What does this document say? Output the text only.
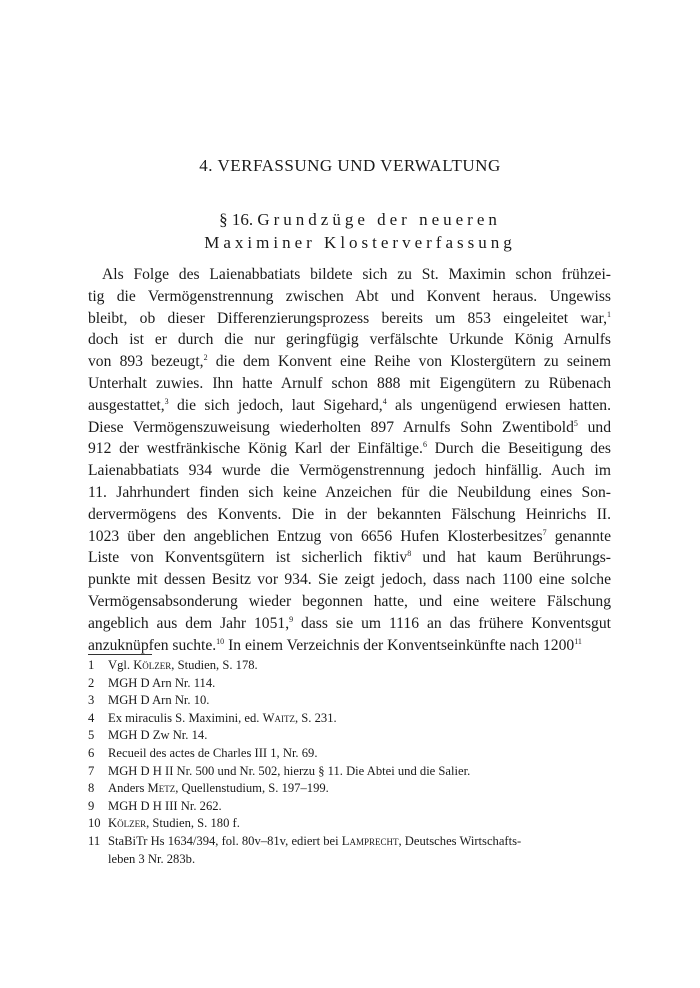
4. VERFASSUNG UND VERWALTUNG
§ 16. Grundzüge der neueren
Maximiner Klosterverfassung
Als Folge des Laienabbatiats bildete sich zu St. Maximin schon frühzei-
tig die Vermögenstrennung zwischen Abt und Konvent heraus. Ungewiss
bleibt, ob dieser Differenzierungsprozess bereits um 853 eingeleitet war,$^1$
doch ist er durch die nur geringfügig verfälschte Urkunde König Arnulfs
von 893 bezeugt,$^2$ die dem Konvent eine Reihe von Klostergütern zu seinem
Unterhalt zuwies. Ihn hatte Arnulf schon 888 mit Eigengütern zu Rübenach
ausgestattet,$^3$ die sich jedoch, laut Sigehard,$^4$ als ungenügend erwiesen hatten.
Diese Vermögenszuweisung wiederholten 897 Arnulfs Sohn Zwentibold$^5$ und
912 der westfränkische König Karl der Einfältige.$^6$ Durch die Beseitigung des
Laienabbatiats 934 wurde die Vermögenstrennung jedoch hinfällig. Auch im
11. Jahrhundert finden sich keine Anzeichen für die Neubildung eines Son-
dervermögens des Konvents. Die in der bekannten Fälschung Heinrichs II.
1023 über den angeblichen Entzug von 6656 Hufen Klosterbesitzes$^7$ genannte
Liste von Konventsgütern ist sicherlich fiktiv$^8$ und hat kaum Berührungs-
punkte mit dessen Besitz vor 934. Sie zeigt jedoch, dass nach 1100 eine solche
Vermögensabsonderung wieder begonnen hatte, und eine weitere Fälschung
angeblich aus dem Jahr 1051,$^9$ dass sie um 1116 an das frühere Konventsgut
anzuknüpfen suchte.$^{10}$ In einem Verzeichnis der Konventseinkünfte nach 1200$^{11}$
1	Vgl. Kölzer, Studien, S. 178.
2	MGH D Arn Nr. 114.
3	MGH D Arn Nr. 10.
4	Ex miraculis S. Maximini, ed. Waitz, S. 231.
5	MGH D Zw Nr. 14.
6	Recueil des actes de Charles III 1, Nr. 69.
7	MGH D H II Nr. 500 und Nr. 502, hierzu § 11. Die Abtei und die Salier.
8	Anders Metz, Quellenstudium, S. 197–199.
9	MGH D H III Nr. 262.
10 Kölzer, Studien, S. 180 f.
11 StaBiTr Hs 1634/394, fol. 80v–81v, ediert bei Lamprecht, Deutsches Wirtschafts-
leben 3 Nr. 283b.
